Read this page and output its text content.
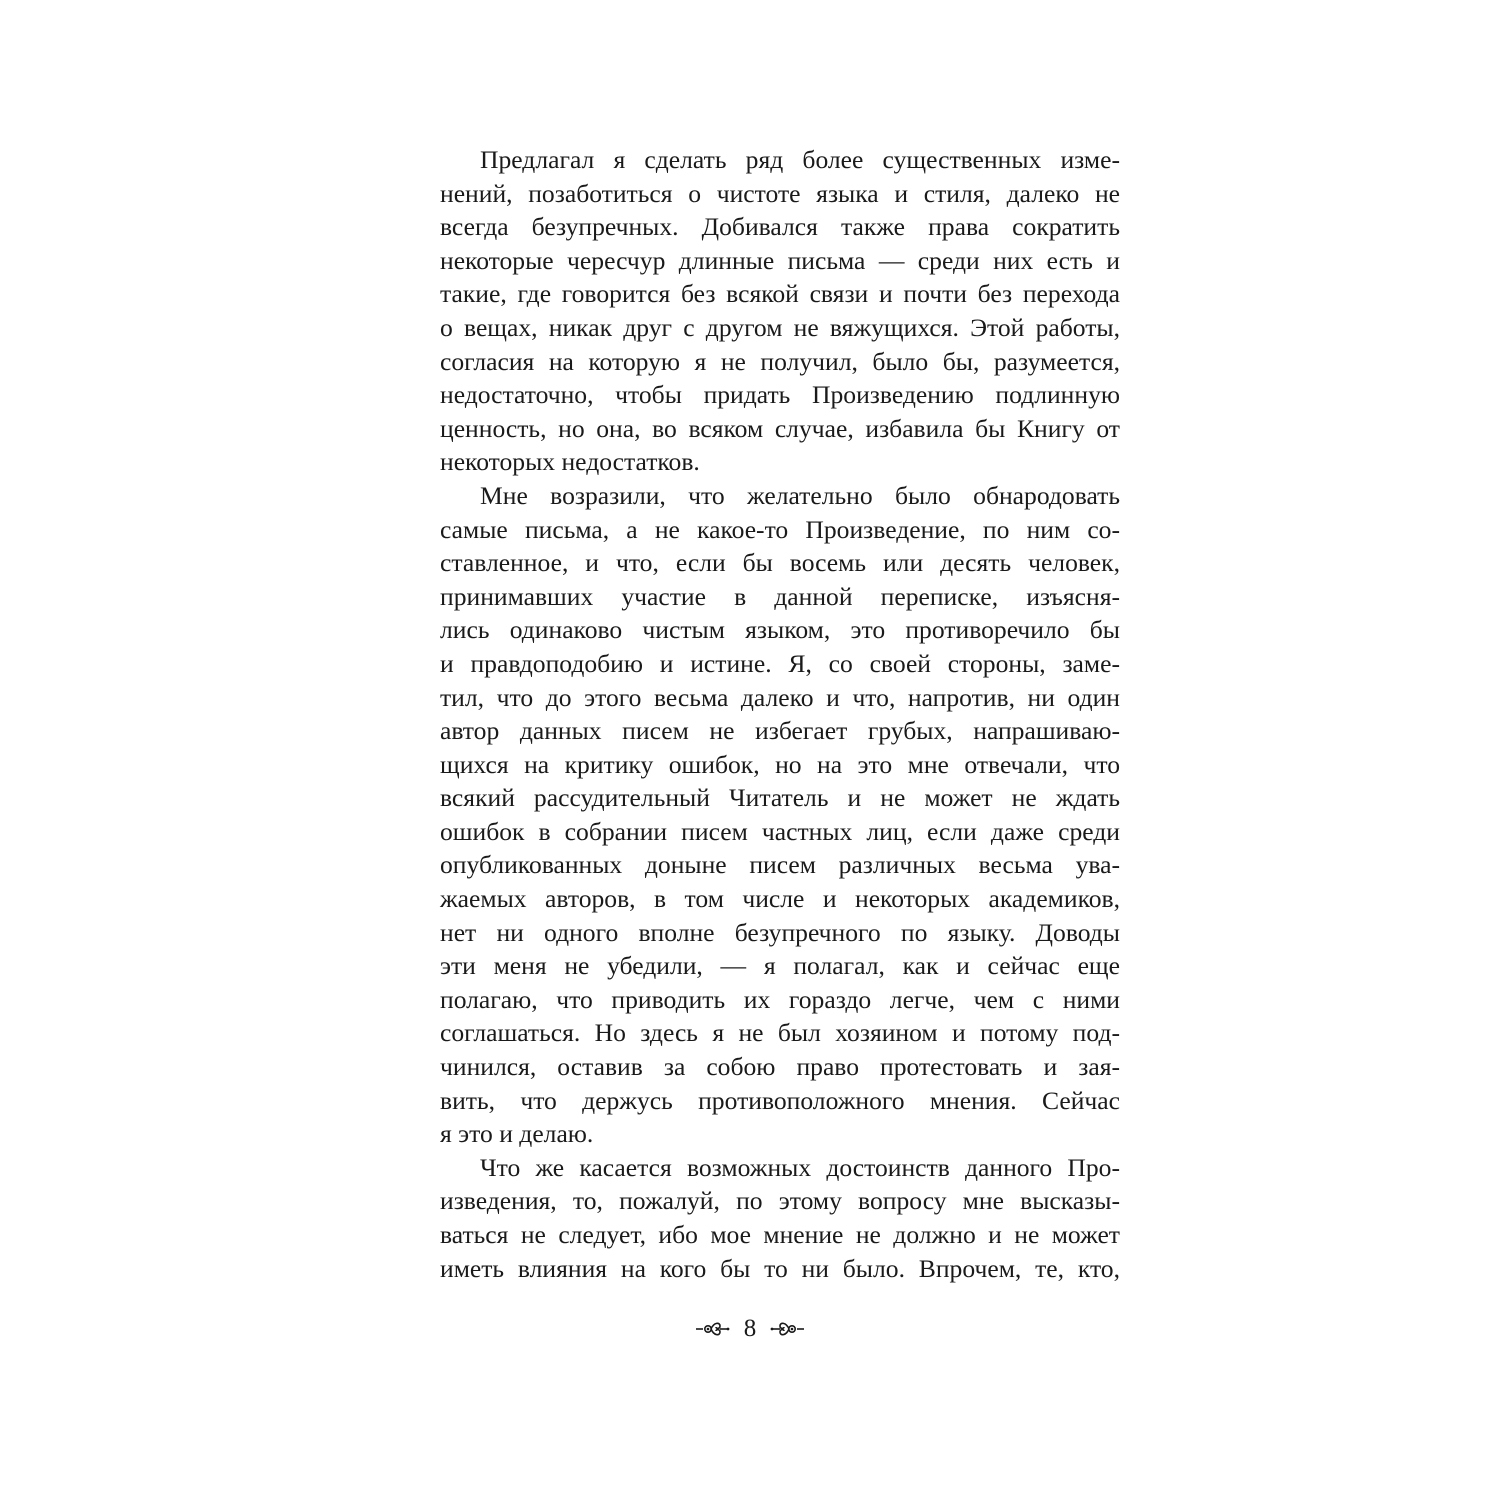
Предлагал я сделать ряд более существенных изме-
нений, позаботиться о чистоте языка и стиля, далеко не
всегда безупречных. Добивался также права сократить
некоторые чересчур длинные письма — среди них есть и
такие, где говорится без всякой связи и почти без перехода
о вещах, никак друг с другом не вяжущихся. Этой работы,
согласия на которую я не получил, было бы, разумеется,
недостаточно, чтобы придать Произведению подлинную
ценность, но она, во всяком случае, избавила бы Книгу от
некоторых недостатков.
Мне возразили, что желательно было обнародовать
самые письма, а не какое-то Произведение, по ним со-
ставленное, и что, если бы восемь или десять человек,
принимавших участие в данной переписке, изъясня-
лись одинаково чистым языком, это противоречило бы
и правдоподобию и истине. Я, со своей стороны, заме-
тил, что до этого весьма далеко и что, напротив, ни один
автор данных писем не избегает грубых, напрашиваю-
щихся на критику ошибок, но на это мне отвечали, что
всякий рассудительный Читатель и не может не ждать
ошибок в собрании писем частных лиц, если даже среди
опубликованных доныне писем различных весьма ува-
жаемых авторов, в том числе и некоторых академиков,
нет ни одного вполне безупречного по языку. Доводы
эти меня не убедили, — я полагал, как и сейчас еще
полагаю, что приводить их гораздо легче, чем с ними
соглашаться. Но здесь я не был хозяином и потому под-
чинился, оставив за собою право протестовать и зая-
вить, что держусь противоположного мнения. Сейчас
я это и делаю.
Что же касается возможных достоинств данного Про-
изведения, то, пожалуй, по этому вопросу мне высказы-
ваться не следует, ибо мое мнение не должно и не может
иметь влияния на кого бы то ни было. Впрочем, те, кто,
8
